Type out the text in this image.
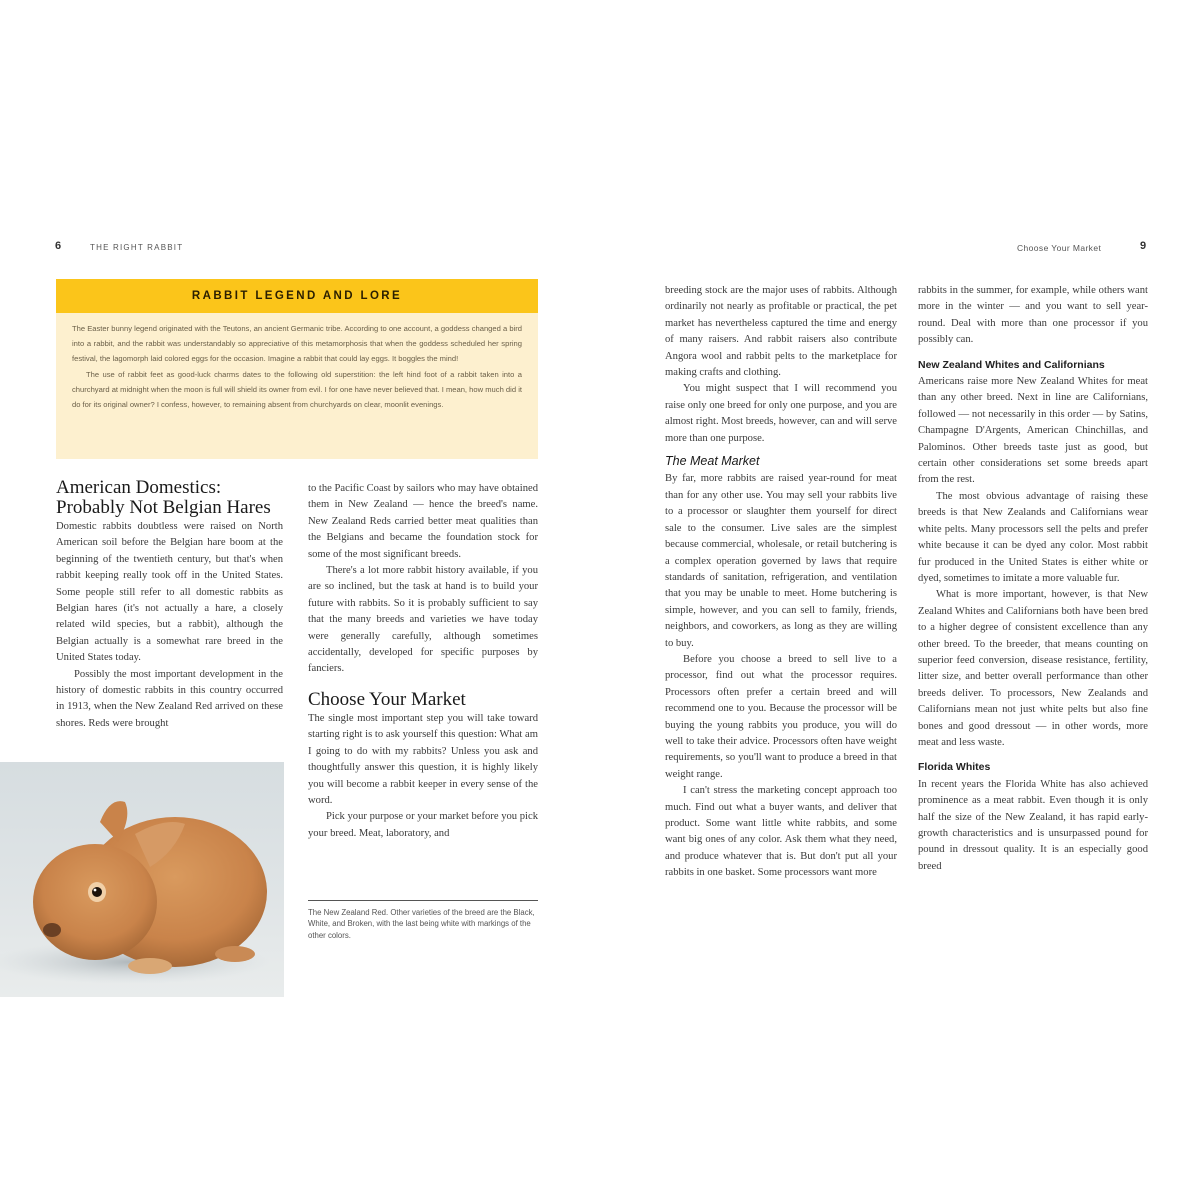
6	THE RIGHT RABBIT
RABBIT LEGEND AND LORE

The Easter bunny legend originated with the Teutons, an ancient Germanic tribe. According to one account, a goddess changed a bird into a rabbit, and the rabbit was understandably so appreciative of this metamorphosis that when the goddess scheduled her spring festival, the lagomorph laid colored eggs for the occasion. Imagine a rabbit that could lay eggs. It boggles the mind!

The use of rabbit feet as good-luck charms dates to the following old superstition: the left hind foot of a rabbit taken into a churchyard at midnight when the moon is full will shield its owner from evil. I for one have never believed that. I mean, how much did it do for its original owner? I confess, however, to remaining absent from churchyards on clear, moonlit evenings.

American Domestics:
Probably Not Belgian Hares

Domestic rabbits doubtless were raised on North American soil before the Belgian hare boom at the beginning of the twentieth century, but that's when rabbit keeping really took off in the United States. Some people still refer to all domestic rabbits as Belgian hares (it's not actually a hare, a closely related wild species, but a rabbit), although the Belgian actually is a somewhat rare breed in the United States today.

Possibly the most important development in the history of domestic rabbits in this country occurred in 1913, when the New Zealand Red arrived on these shores. Reds were brought

to the Pacific Coast by sailors who may have obtained them in New Zealand — hence the breed's name. New Zealand Reds carried better meat qualities than the Belgians and became the foundation stock for some of the most significant breeds.

There's a lot more rabbit history available, if you are so inclined, but the task at hand is to build your future with rabbits. So it is probably sufficient to say that the many breeds and varieties we have today were generally carefully, although sometimes accidentally, developed for specific purposes by fanciers.

Choose Your Market

The single most important step you will take toward starting right is to ask yourself this question: What am I going to do with my rabbits? Unless you ask and thoughtfully answer this question, it is highly likely you will become a rabbit keeper in every sense of the word.

Pick your purpose or your market before you pick your breed. Meat, laboratory, and

The New Zealand Red. Other varieties of the breed are the Black, White, and Broken, with the last being white with markings of the other colors.
Choose Your Market	9

breeding stock are the major uses of rabbits. Although ordinarily not nearly as profitable or practical, the pet market has nevertheless captured the time and energy of many raisers. And rabbit raisers also contribute Angora wool and rabbit pelts to the marketplace for making crafts and clothing.

You might suspect that I will recommend you raise only one breed for only one purpose, and you are almost right. Most breeds, however, can and will serve more than one purpose.

The Meat Market

By far, more rabbits are raised year-round for meat than for any other use. You may sell your rabbits live to a processor or slaughter them yourself for direct sale to the consumer. Live sales are the simplest because commercial, wholesale, or retail butchering is a complex operation governed by laws that require standards of sanitation, refrigeration, and ventilation that you may be unable to meet. Home butchering is simple, however, and you can sell to family, friends, neighbors, and coworkers, as long as they are willing to buy.

Before you choose a breed to sell live to a processor, find out what the processor requires. Processors often prefer a certain breed and will recommend one to you. Because the processor will be buying the young rabbits you produce, you will do well to take their advice. Processors often have weight requirements, so you'll want to produce a breed in that weight range.

I can't stress the marketing concept approach too much. Find out what a buyer wants, and deliver that product. Some want little white rabbits, and some want big ones of any color. Ask them what they need, and produce whatever that is. But don't put all your rabbits in one basket. Some processors want more

rabbits in the summer, for example, while others want more in the winter — and you want to sell year-round. Deal with more than one processor if you possibly can.

New Zealand Whites and Californians

Americans raise more New Zealand Whites for meat than any other breed. Next in line are Californians, followed — not necessarily in this order — by Satins, Champagne D'Argents, American Chinchillas, and Palominos. Other breeds taste just as good, but certain other considerations set some breeds apart from the rest.

The most obvious advantage of raising these breeds is that New Zealands and Californians wear white pelts. Many processors sell the pelts and prefer white because it can be dyed any color. Most rabbit fur produced in the United States is either white or dyed, sometimes to imitate a more valuable fur.

What is more important, however, is that New Zealand Whites and Californians both have been bred to a higher degree of consistent excellence than any other breed. To the breeder, that means counting on superior feed conversion, disease resistance, fertility, litter size, and better overall performance than other breeds deliver. To processors, New Zealands and Californians mean not just white pelts but also fine bones and good dressout — in other words, more meat and less waste.

Florida Whites

In recent years the Florida White has also achieved prominence as a meat rabbit. Even though it is only half the size of the New Zealand, it has rapid early-growth characteristics and is unsurpassed pound for pound in dressout quality. It is an especially good breed
